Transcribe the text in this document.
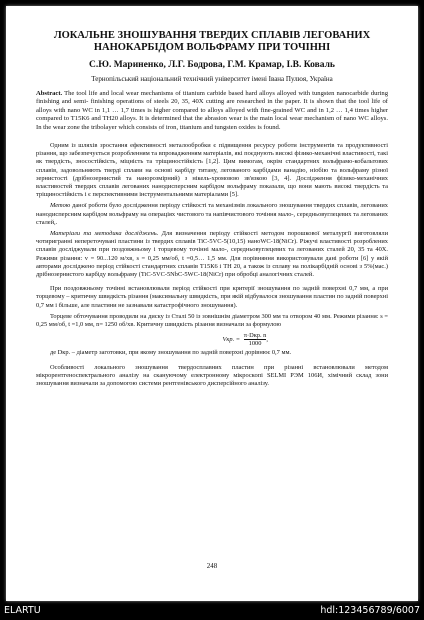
ЛОКАЛЬНЕ ЗНОШУВАННЯ ТВЕРДИХ СПЛАВІВ ЛЕГОВАНИХ
НАНОКАРБІДОМ ВОЛЬФРАМУ ПРИ ТОЧІННІ
С.Ю. Мариненко, Л.Г. Бодрова, Г.М. Крамар, І.В. Коваль
Тернопільський національний технічний університет імені Івана Пулюя, Україна
Abstract. The tool life and local wear mechanisms of titanium carbide based hard alloys alloyed with tungsten nanocarbide during finishing and semi- finishing operations of steels 20, 35, 40X cutting are researched in the paper. It is shown that the tool life of alloys with nano WC in 1,1 … 1,7 times is higher compared to alloys alloyed with fine-grained WC and in 1,2 … 1,4 times higher compared to T15K6 and TH20 alloys. It is determined that the abrasion wear is the main local wear mechanism of nano WC alloys. In the wear zone the tribolayer which consists of iron, titanium and tungsten oxides is found.

Одним із шляхів зростання ефективності металообробки є підвищення ресурсу роботи інструментів та продуктивності різання, що забезпечується розробленням та впровадженням матеріалів, які поєднують високі фізико-механічні властивості, такі як твердість, зносостійкість, міцність та тріщиностійкість [1,2]. Цим вимогам, окрім стандартних вольфрамо-кобальтових сплавів, задовольняють тверді сплави на основі карбіду титану, легованого карбідами ванадію, ніобію та вольфраму різної зернистості (дрібнозернистий та нанорозмірний) з нікель-хромовою зв'язкою [3, 4]. Дослідження фізико-механічних властивостей твердих сплавів легованих нанодисперсним карбідом вольфраму показали, що вони мають високі твердість та тріщиностійкість і є перспективними інструментальними матеріалами [5].

Метою даної роботи було дослідження періоду стійкості та механізмів локального зношування твердих сплавів, легованих нанодисперсним карбідом вольфраму на операціях чистового та напівчистового точіння мало-, середньовуглецевих та легованих сталей,.

Матеріали та методика досліджень. Для визначення періоду стійкості методом порошкової металургії виготовляли чотиригранні непереточувані пластини із твердих сплавів TiC-5VC-5(10,15) наноWC-18(NiCr). Ріжучі властивості розроблених сплавів досліджували при поздовжньому і торцевому точінні мало-, середньовуглецевих та легованих сталей 20, 35 та 40Х. Режими різання: v = 90...120 м/хв, s = 0,25 мм/об, t =0,5… 1,5 мм. Для порівняння використовували дані роботи [6] у якій авторами досліджено період стійкості стандартних сплавів Т15К6 і ТН 20, а також із сплаву на полікарбідній основі з 5%(мас.) дрібнозернистого карбіду вольфраму (TiC-5VC-5NbC-5WC-18(NiCr) при обробці аналогічних сталей.

При поздовжньому точінні встановлювали період стійкості при критерії зношування по задній поверхні 0,7 мм, а при торцевому – критичну швидкість різання (максимальну швидкість, при якій відбувалося зношування пластин по задній поверхні 0,7 мм і більше, але пластини не зазнавали катастрофічного зношування).

Торцеве обточування проводили на диску із Сталі 50 із зовнішнім діаметром 300 мм та отвором 40 мм. Режими різання: s = 0,25 мм/об, t =1,0 мм, n= 1250 об/хв. Критичну швидкість різання визначали за формулою

Vкр. = $\frac{\text{π·Dкр. n}}{1000}$ ,

де Dкр. – діаметр заготовки, при якому зношування по задній поверхні дорівнює 0,7 мм.

Особливості локального зношування твердосплавних пластин при різанні встановлювали методом мікрорентгеноспектрального аналізу на скануючому електронному мікроскопі SELMI РЭМ 106И, хімічний склад зони зношування визначали за допомогою системи рентгенівського дисперсійного аналізу.

248
ELARTU	hdl:123456789/6007
